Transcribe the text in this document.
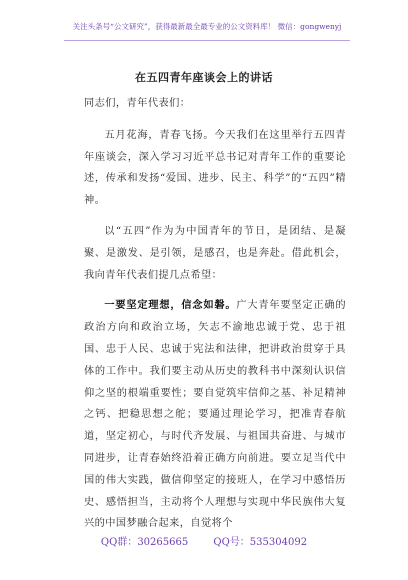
关注头条号“公文研究”，获得最新最全最专业的公文资料库！ 微信：gongwenyj
在五四青年座谈会上的讲话

同志们，青年代表们：

五月花海，青春飞扬。今天我们在这里举行五四青年座谈会，深入学习习近平总书记对青年工作的重要论述，传承和发扬“爱国、进步、民主、科学”的“五四”精神。

以“五四”作为为中国青年的节日，是团结、是凝聚、是激发、是引领，是感召，也是奔赴。借此机会，我向青年代表们提几点希望：

一要坚定理想，信念如磐。广大青年要坚定正确的政治方向和政治立场，矢志不渝地忠诚于党、忠于祖国、忠于人民、忠诚于宪法和法律，把讲政治贯穿于具体的工作中。我们要主动从历史的教科书中深刻认识信仰之坚的根端重要性；要自觉筑牢信仰之基、补足精神之钙、把稳思想之舵；要通过理论学习，把准青春航道，坚定初心，与时代齐发展、与祖国共奋进、与城市同进步，让青春始终沿着正确方向前进。要立足当代中国的伟大实践，做信仰坚定的接班人，在学习中感悟历史、感悟担当，主动将个人理想与实现中华民族伟大复兴的中国梦融合起来，自觉将个

QQ群：30265665	QQ号：535304092
